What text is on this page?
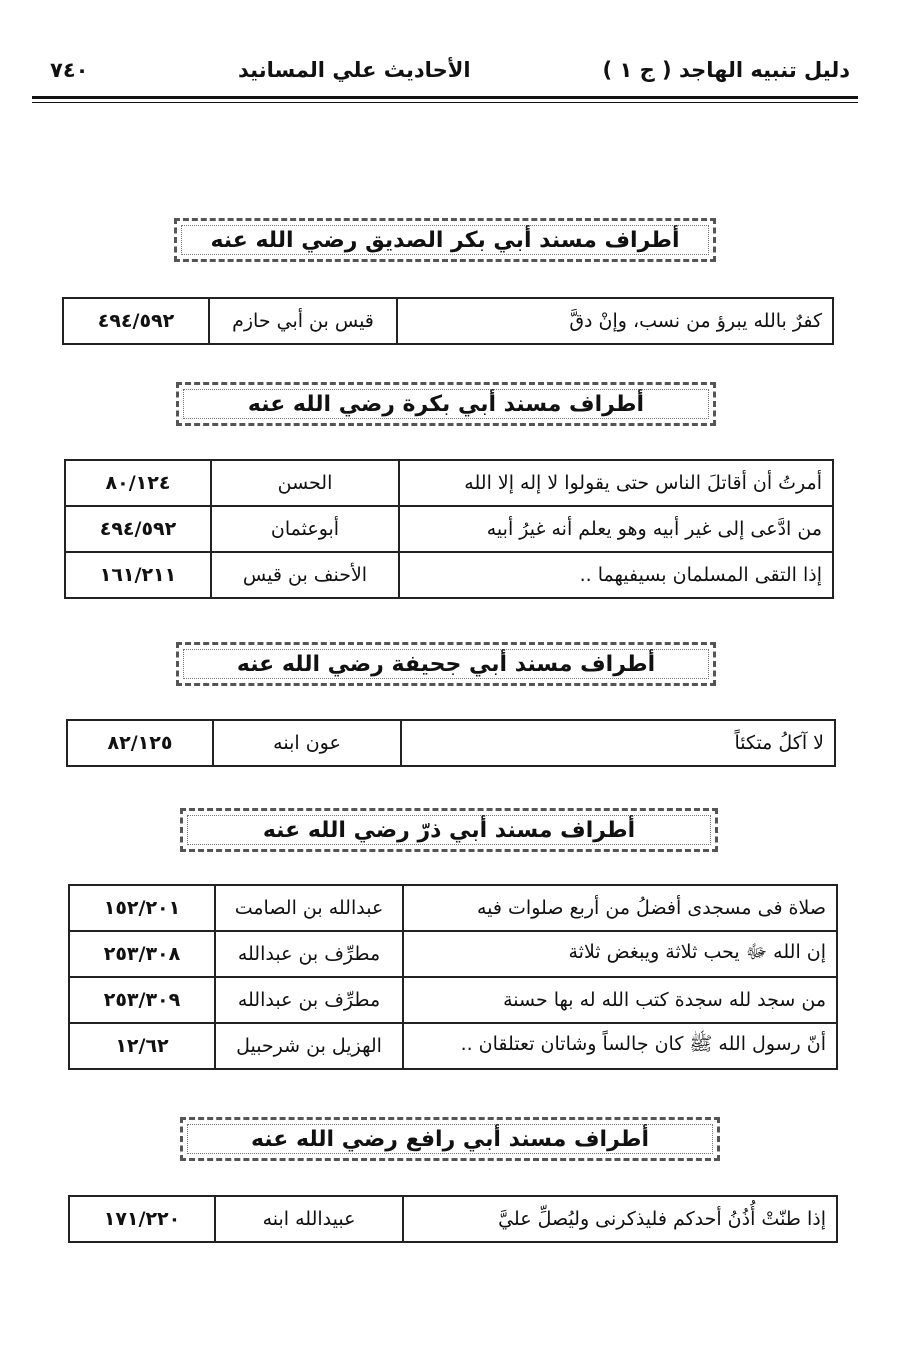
دليل تنبيه الهاجد ( ج ١ )
الأحاديث علي المسانيد
٧٤٠
أطراف مسند أبي بكر الصديق رضي الله عنه
كفرٌ بالله يبرؤ من نسب، وإنْ دقَّ	قيس بن أبي حازم	٤٩٤/٥٩٢
أطراف مسند أبي بكرة رضي الله عنه
أمرتُ أن أقاتلَ الناس حتى يقولوا لا إله إلا الله	الحسن	٨٠/١٢٤
من ادَّعى إلى غير أبيه وهو يعلم أنه غيرُ أبيه	أبوعثمان	٤٩٤/٥٩٢
إذا التقى المسلمان بسيفيهما ..	الأحنف بن قيس	١٦١/٢١١
أطراف مسند أبي جحيفة رضي الله عنه
لا آكلُ متكئاً	عون ابنه	٨٢/١٢٥
أطراف مسند أبي ذرّ رضي الله عنه
صلاة فى مسجدى أفضلُ من أربع صلوات فيه	عبدالله بن الصامت	١٥٢/٢٠١
إن الله ﷻ يحب ثلاثة ويبغض ثلاثة	مطرِّف بن عبدالله	٢٥٣/٣٠٨
من سجد لله سجدة كتب الله له بها حسنة	مطرِّف بن عبدالله	٢٥٣/٣٠٩
أنّ رسول الله ﷺ كان جالساً وشاتان تعتلقان ..	الهزيل بن شرحبيل	١٢/٦٢
أطراف مسند أبي رافع رضي الله عنه
إذا طنّتْ أُذُنُ أحدكم فليذكرنى وليُصلِّ عليَّ	عبيدالله ابنه	١٧١/٢٢٠
